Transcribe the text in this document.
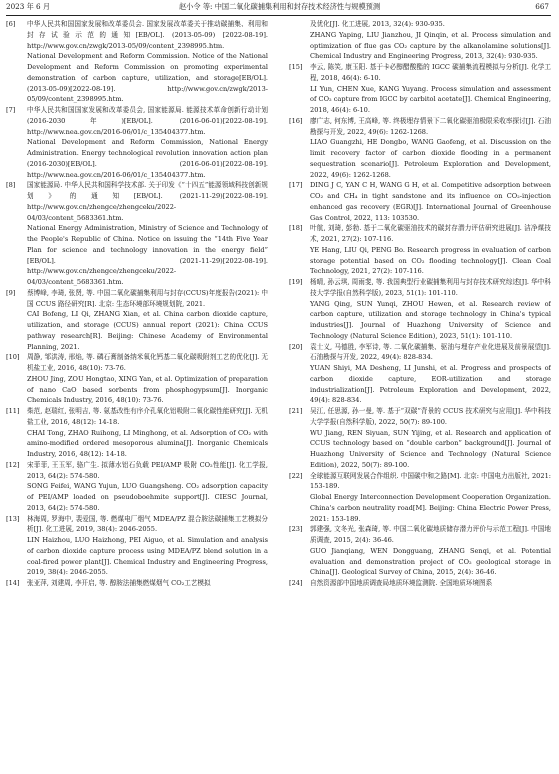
2023 年 6 月	赵小令 等: 中国二氧化碳捕集利用和封存技术经济性与规模预测	667
[6] 中华人民共和国国家发展和改革委员会. 国家发展改革委关于推动碳捕集、利用和封存试验示范的通知[EB/OL]. (2013-05-09) [2022-08-19]. http://www.gov.cn/zwgk/2013-05/09/content_2398995.htm.
National Development and Reform Commission. Notice of the National Development and Reform Commission on promoting experimental demonstration of carbon capture, utilization, and storage[EB/OL]. (2013-05-09)[2022-08-19]. http://www.gov.cn/zwgk/2013-05/09/content_2398995.htm.
[7] 中华人民共和国国家发展和改革委员会, 国家能源局. 能源技术革命创新行动计划(2016-2030年)[EB/OL]. (2016-06-01)[2022-08-19]. http://www.nea.gov.cn/2016-06/01/c_135404377.htm.
National Development and Reform Commission, National Energy Administration. Energy technological revolution innovation action plan (2016-2030)[EB/OL]. (2016-06-01)[2022-08-19]. http://www.nea.gov.cn/2016-06/01/c_135404377.htm.
[8] 国家能源局. 中华人民共和国科学技术部. 关于印发《“十四五”能源领域科技创新规划》的通知[EB/OL]. (2021-11-29)[2022-08-19]. http://www.gov.cn/zhengce/zhengceku/2022-04/03/content_5683361.htm.
National Energy Administration, Ministry of Science and Technology of the People's Republic of China. Notice on issuing the “14th Five Year Plan for science and technology innovation in the energy field” [EB/OL]. (2021-11-29)[2022-08-19]. http://www.gov.cn/zhengce/zhengceku/2022-04/03/content_5683361.htm.
[9] 蔡博峰, 李琦, 张贤, 等. 中国二氧化碳捕集利用与封存(CCUS)年度报告(2021): 中国 CCUS 路径研究[R]. 北京: 生态环境部环境规划院, 2021.
CAI Bofeng, LI Qi, ZHANG Xian, et al. China carbon dioxide capture, utilization, and storage (CCUS) annual report (2021): China CCUS pathway research[R]. Beijing: Chinese Academy of Environmental Planning, 2021.
[10] 周静, 邹洪涛, 邢焰, 等. 磷石膏制备纳米氧化钙基二氧化碳吸附剂工艺的优化[J]. 无机盐工业, 2016, 48(10): 73-76.
ZHOU Jing, ZOU Hongtao, XING Yan, et al. Optimization of preparation of nano CaO based sorbents from phosphogypsum[J]. Inorganic Chemicals Industry, 2016, 48(10): 73-76.
[11] 柴范, 赵瑞红, 张明吉, 等. 氨基改性有序介孔氧化铝吸附二氧化碳性能研究[J]. 无机盐工业, 2016, 48(12): 14-18.
CHAI Tong, ZHAO Ruihong, LI Minghong, et al. Adsorption of CO₂ with amino-modified ordered mesoporous alumina[J]. Inorganic Chemicals Industry, 2016, 48(12): 14-18.
[12] 宋菲菲, 王玉军, 骆广生. 拟薄水铝石负载 PEI/AMP 吸附 CO₂性能[J]. 化工学报, 2013, 64(2): 574-580.
SONG Feifei, WANG Yujun, LUO Guangsheng. CO₂ adsorption capacity of PEI/AMP loaded on pseudoboehmite support[J]. CIESC Journal, 2013, 64(2): 574-580.
[13] 林海周, 罗海中, 裴爱国, 等. 燃煤电厂烟气 MDEA/PZ 混合胺法碳捕集工艺模拟分析[J]. 化工进展, 2019, 38(4): 2046-2055.
LIN Haizhou, LUO Haizhong, PEI Aiguo, et al. Simulation and analysis of carbon dioxide capture process using MDEA/PZ blend solution in a coal-fired power plant[J]. Chemical Industry and Engineering Progress, 2019, 38(4): 2046-2055.
[14] 张亚萍, 刘建周, 李开启, 等. 醇胺法捕集燃煤烟气 CO₂工艺模拟
及优化[J]. 化工进展, 2013, 32(4): 930-935.
ZHANG Yaping, LIU Jianzhou, JI Qinqin, et al. Process simulation and optimization of flue gas CO₂ capture by the alkanolamine solutions[J]. Chemical Industry and Engineering Progress, 2013, 32(4): 930-935.
[15] 李云, 陈笑, 康玉阳. 基于卡必醇醋酸酯的 IGCC 碳捕集流程模拟与分析[J]. 化学工程, 2018, 46(4): 6-10.
LI Yun, CHEN Xue, KANG Yuyang. Process simulation and assessment of CO₂ capture from IGCC by carbitol acetate[J]. Chemical Engineering, 2018, 46(4): 6-10.
[16] 廖广志, 何东博, 王高峰, 等. 终极埋存情景下二氧化碳驱油极限采收率探讨[J]. 石油勘探与开发, 2022, 49(6): 1262-1268.
LIAO Guangzhi, HE Dongbo, WANG Gaofeng, et al. Discussion on the limit recovery factor of carbon dioxide flooding in a permanent sequestration scenario[J]. Petroleum Exploration and Development, 2022, 49(6): 1262-1268.
[17] DING J C, YAN C H, WANG G H, et al. Competitive adsorption between CO₂ and CH₄ in tight sandstone and its influence on CO₂-injection enhanced gas recovery (EGR)[J]. International Journal of Greenhouse Gas Control, 2022, 113: 103530.
[18] 叶航, 刘琦, 彭勃. 基于二氧化碳驱油技术的碳封存潜力评估研究进展[J]. 洁净煤技术, 2021, 27(2): 107-116.
YE Hang, LIU Qi, PENG Bo. Research progress in evaluation of carbon storage potential based on CO₂ flooding technology[J]. Clean Coal Technology, 2021, 27(2): 107-116.
[19] 杨晴, 孙云琪, 周雨斐, 等. 我国典型行业碳捕集利用与封存技术研究综述[J]. 华中科技大学学报(自然科学版), 2023, 51(1): 101-110.
YANG Qing, SUN Yunqi, ZHOU Hewen, et al. Research review of carbon capture, utilization and storage technology in China's typical industries[J]. Journal of Huazhong University of Science and Technology (Natural Science Edition), 2023, 51(1): 101-110.
[20] 袁士义, 马德胜, 李军诗, 等. 二氧化碳捕集、驱油与埋存产业化进展及前景展望[J]. 石油勘探与开发, 2022, 49(4): 828-834.
YUAN Shiyi, MA Desheng, LI Junshi, et al. Progress and prospects of carbon dioxide capture, EOR-utilization and storage industrialization[J]. Petroleum Exploration and Development, 2022, 49(4): 828-834.
[21] 吴江, 任思源, 孙一曼, 等. 基于“双碳”背景的 CCUS 技术研究与应用[J]. 华中科技大学学报(自然科学版), 2022, 50(7): 89-100.
WU Jiang, REN Siyuan, SUN Yijing, et al. Research and application of CCUS technology based on “double carbon” background[J]. Journal of Huazhong University of Science and Technology (Natural Science Edition), 2022, 50(7): 89-100.
[22] 全球能源互联网发展合作组织. 中国碳中和之路[M]. 北京: 中国电力出版社, 2021: 153-189.
Global Energy Interconnection Development Cooperation Organization. China's carbon neutrality road[M]. Beijing: China Electric Power Press, 2021: 153-189.
[23] 郭建强, 文冬光, 张森琦, 等. 中国二氧化碳地质储存潜力评价与示范工程[J]. 中国地质调查, 2015, 2(4): 36-46.
GUO Jianqiang, WEN Dongguang, ZHANG Senqi, et al. Potential evaluation and demonstration project of CO₂ geological storage in China[J]. Geological Survey of China, 2015, 2(4): 36-46.
[24] 自然资源部中国地质调查局地质环境监测院. 全国地质环境图系
